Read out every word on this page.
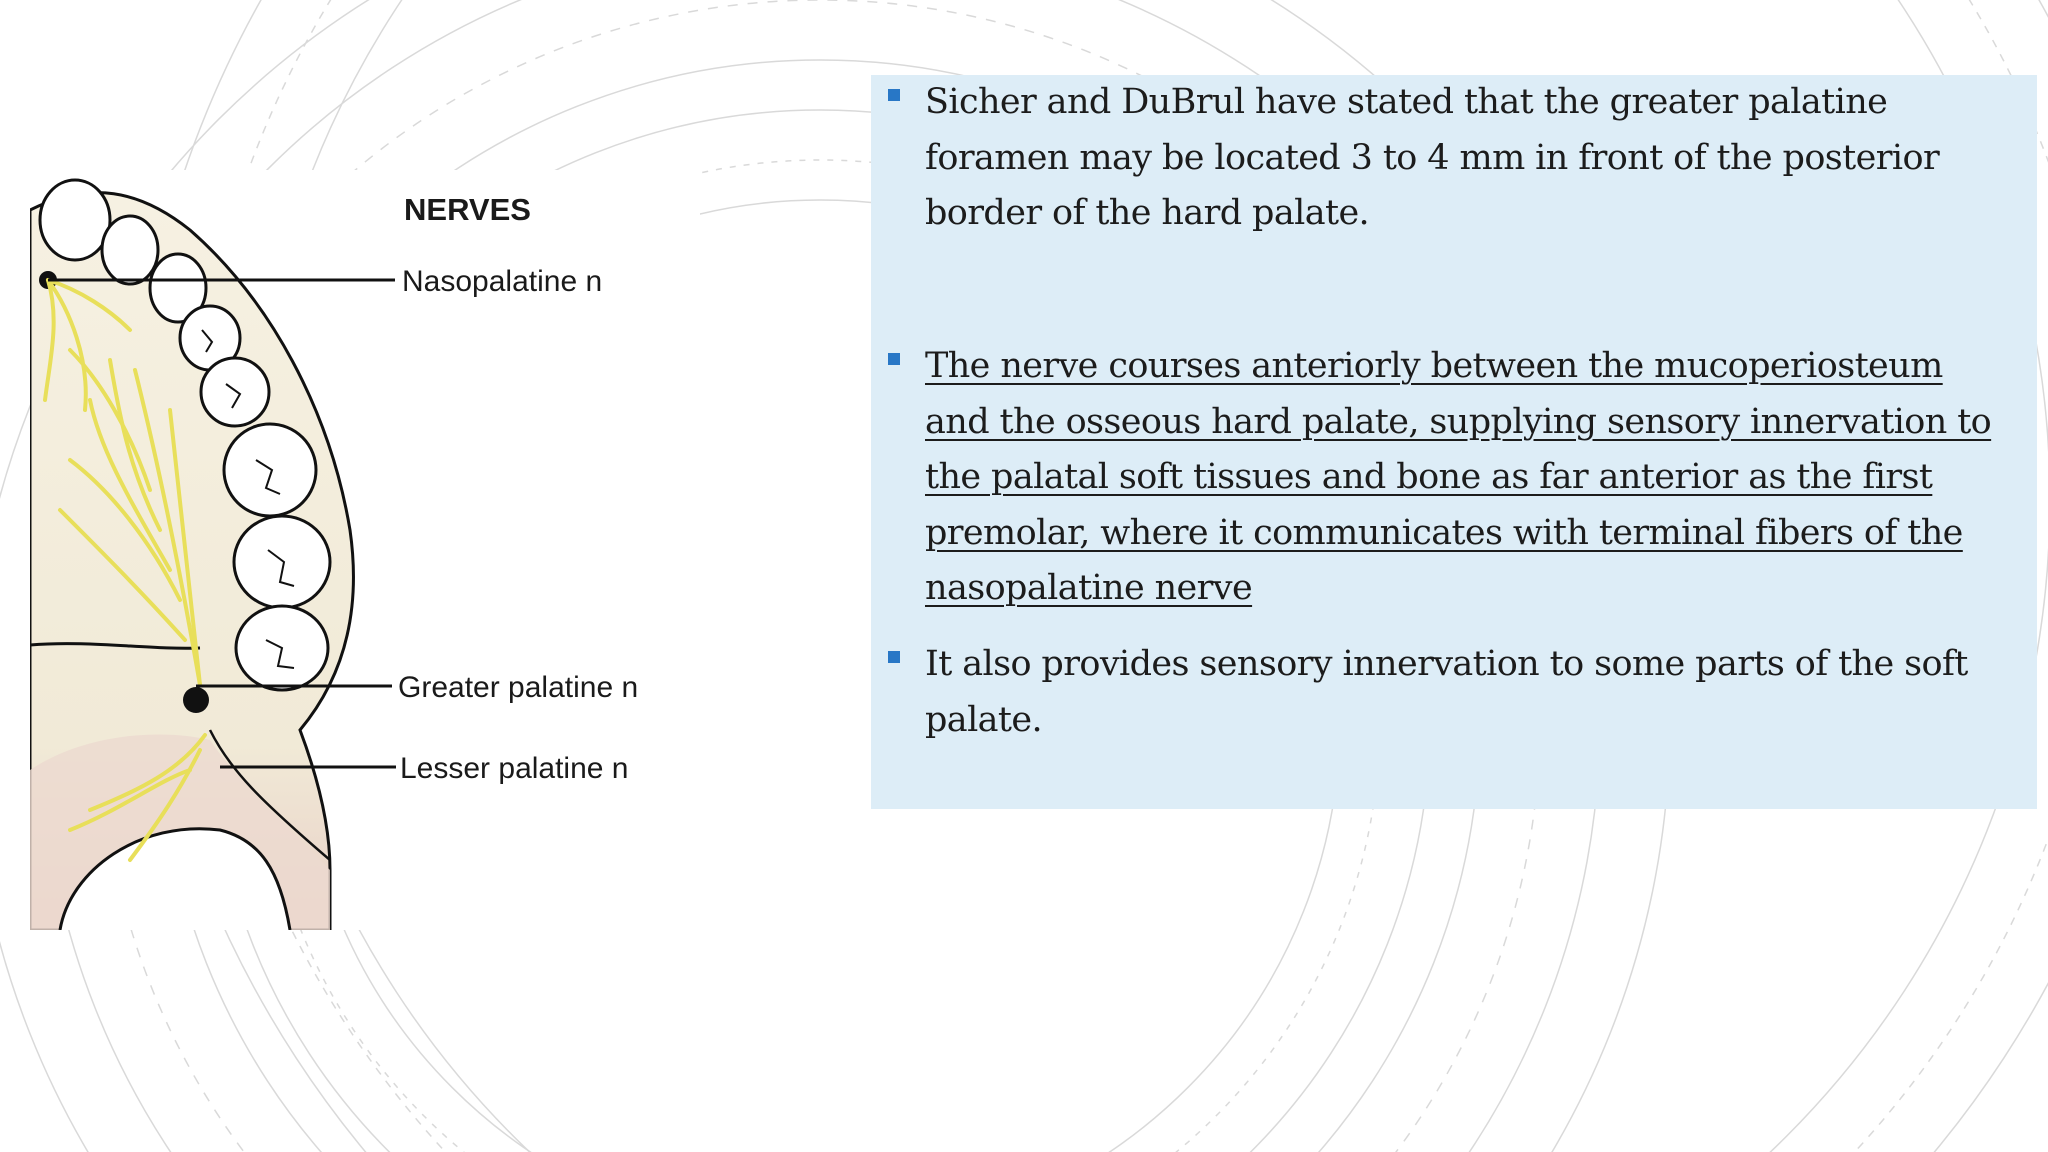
NERVES
Nasopalatine n
Greater palatine n
Lesser palatine n
Sicher and DuBrul have stated that the greater palatine foramen may be located 3 to 4 mm in front of the posterior border of the hard palate.
The nerve courses anteriorly between the mucoperiosteum and the osseous hard palate, supplying sensory innervation to the palatal soft tissues and bone as far anterior as the first premolar, where it communicates with terminal fibers of the nasopalatine nerve
It also provides sensory innervation to some parts of the soft palate.
